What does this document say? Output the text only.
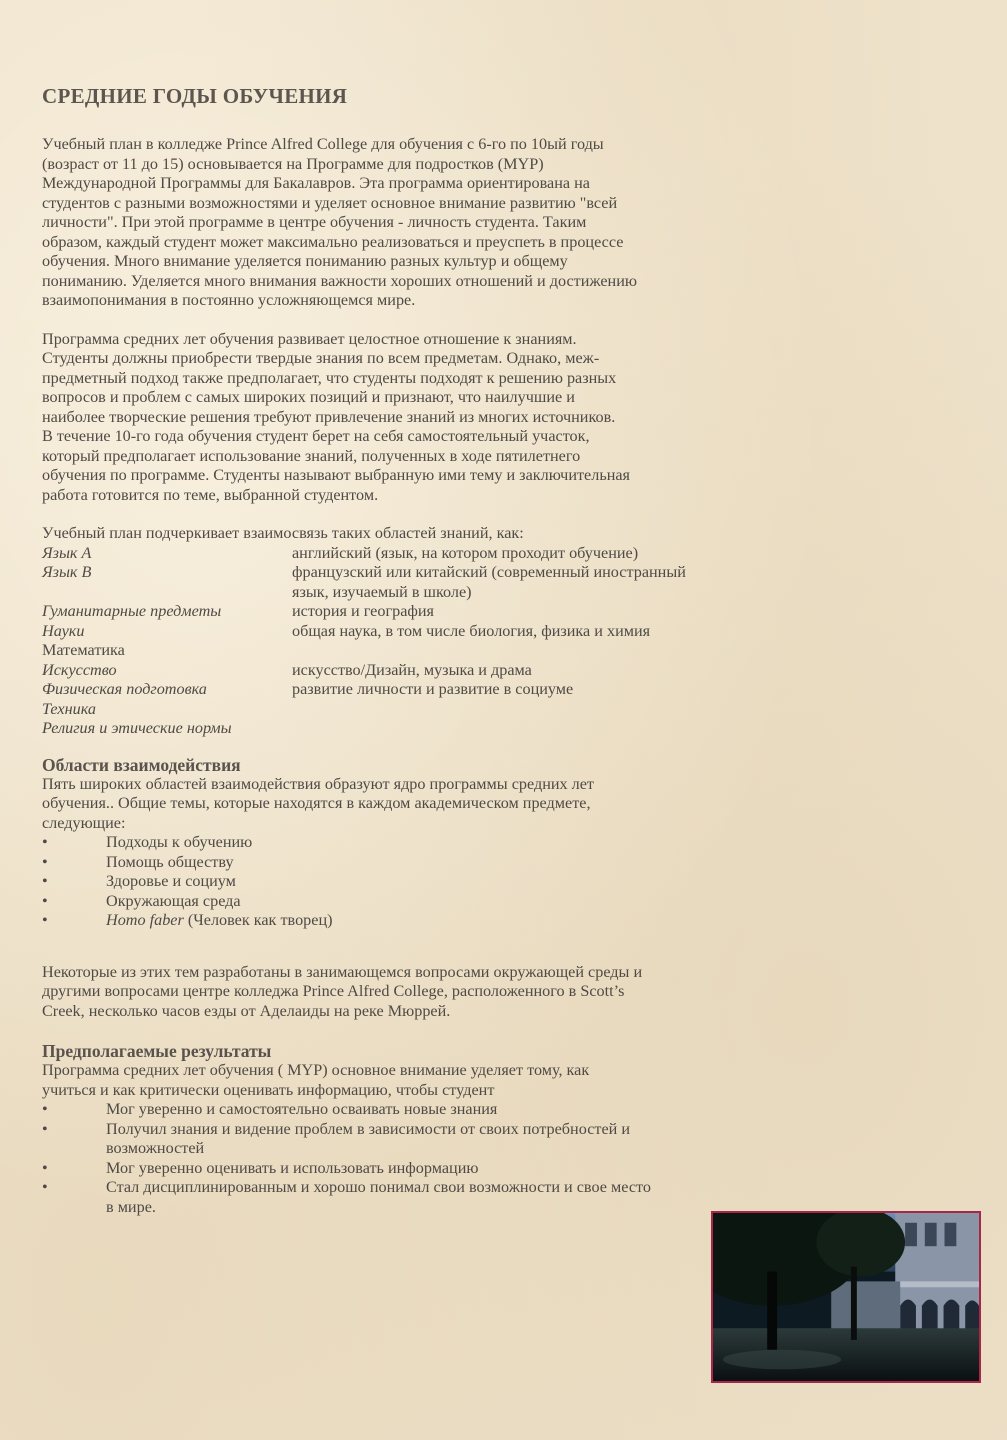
СРЕДНИЕ ГОДЫ ОБУЧЕНИЯ

Учебный план в колледже Prince Alfred College для обучения с 6-го по 10ый годы

(возраст от 11 до 15) основывается на Программе для подростков (MYP)

Международной Программы для Бакалавров. Эта программа ориентирована на

студентов с разными возможностями и уделяет основное внимание развитию "всей

личности". При этой программе в центре обучения - личность студента. Таким

образом, каждый студент может максимально реализоваться и преуспеть в процессе

обучения. Много внимание уделяется пониманию разных культур и общему

пониманию. Уделяется много внимания важности хороших отношений и достижению

взаимопонимания в постоянно усложняющемся мире.

Программа средних лет обучения развивает целостное отношение к знаниям.

Студенты должны приобрести твердые знания по всем предметам. Однако, меж-

предметный подход также предполагает, что студенты подходят к решению разных

вопросов и проблем с самых широких позиций и признают, что наилучшие и

наиболее творческие решения требуют привлечение знаний из многих источников.

В течение 10-го года обучения студент берет на себя самостоятельный участок,

который предполагает использование знаний, полученных в ходе пятилетнего

обучения по программе. Студенты называют выбранную ими тему и заключительная

работа готовится по теме, выбранной студентом.

Учебный план подчеркивает взаимосвязь таких областей знаний, как:

Язык А	английский (язык, на котором проходит обучение)
Язык В	французский или китайский (современный иностранный
язык, изучаемый в школе)
Гуманитарные предметы	история и география
Науки	общая наука, в том числе биология, физика и химия
Математика
Искусство	искусство/Дизайн, музыка и драма
Физическая подготовка	развитие личности и развитие в социуме
Техника
Религия и этические нормы
Области взаимодействия

Пять широких областей взаимодействия образуют ядро программы средних лет

обучения.. Общие темы, которые находятся в каждом академическом предмете,

следующие:

•	Подходы к обучению
•	Помощь обществу
•	Здоровье и социум
•	Окружающая среда
•	Homo faber (Человек как творец)

Некоторые из этих тем разработаны в занимающемся вопросами окружающей среды и

другими вопросами центре колледжа Prince Alfred College, расположенного в Scott’s

Creek, несколько часов езды от Аделаиды на реке Мюррей.

Предполагаемые результаты

Программа средних лет обучения ( MYP) основное внимание уделяет тому, как

учиться и как критически оценивать информацию, чтобы студент

•	Мог уверенно и самостоятельно осваивать новые знания
•	Получил знания и видение проблем в зависимости от своих потребностей и
возможностей
•	Мог уверенно оценивать и использовать информацию
•	Стал дисциплинированным и хорошо понимал свои возможности и свое место
в мире.
